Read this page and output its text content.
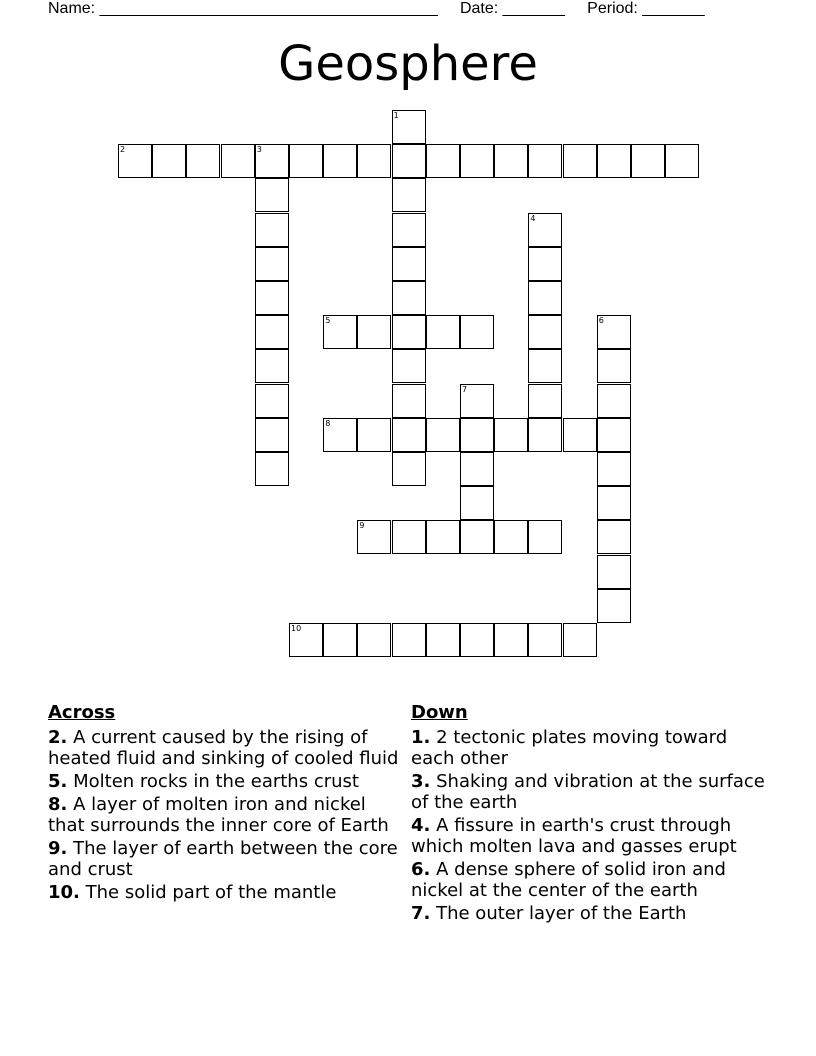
Name: ______________________________________ Date: _______ Period: _______
Geosphere
1
2	3
4
5	6
7
8
9
10
Across
2. A current caused by the rising of heated fluid and sinking of cooled fluid
5. Molten rocks in the earths crust
8. A layer of molten iron and nickel that surrounds the inner core of Earth
9. The layer of earth between the core and crust
10. The solid part of the mantle
Down
1. 2 tectonic plates moving toward each other
3. Shaking and vibration at the surface of the earth
4. A fissure in earth's crust through which molten lava and gasses erupt
6. A dense sphere of solid iron and nickel at the center of the earth
7. The outer layer of the Earth
